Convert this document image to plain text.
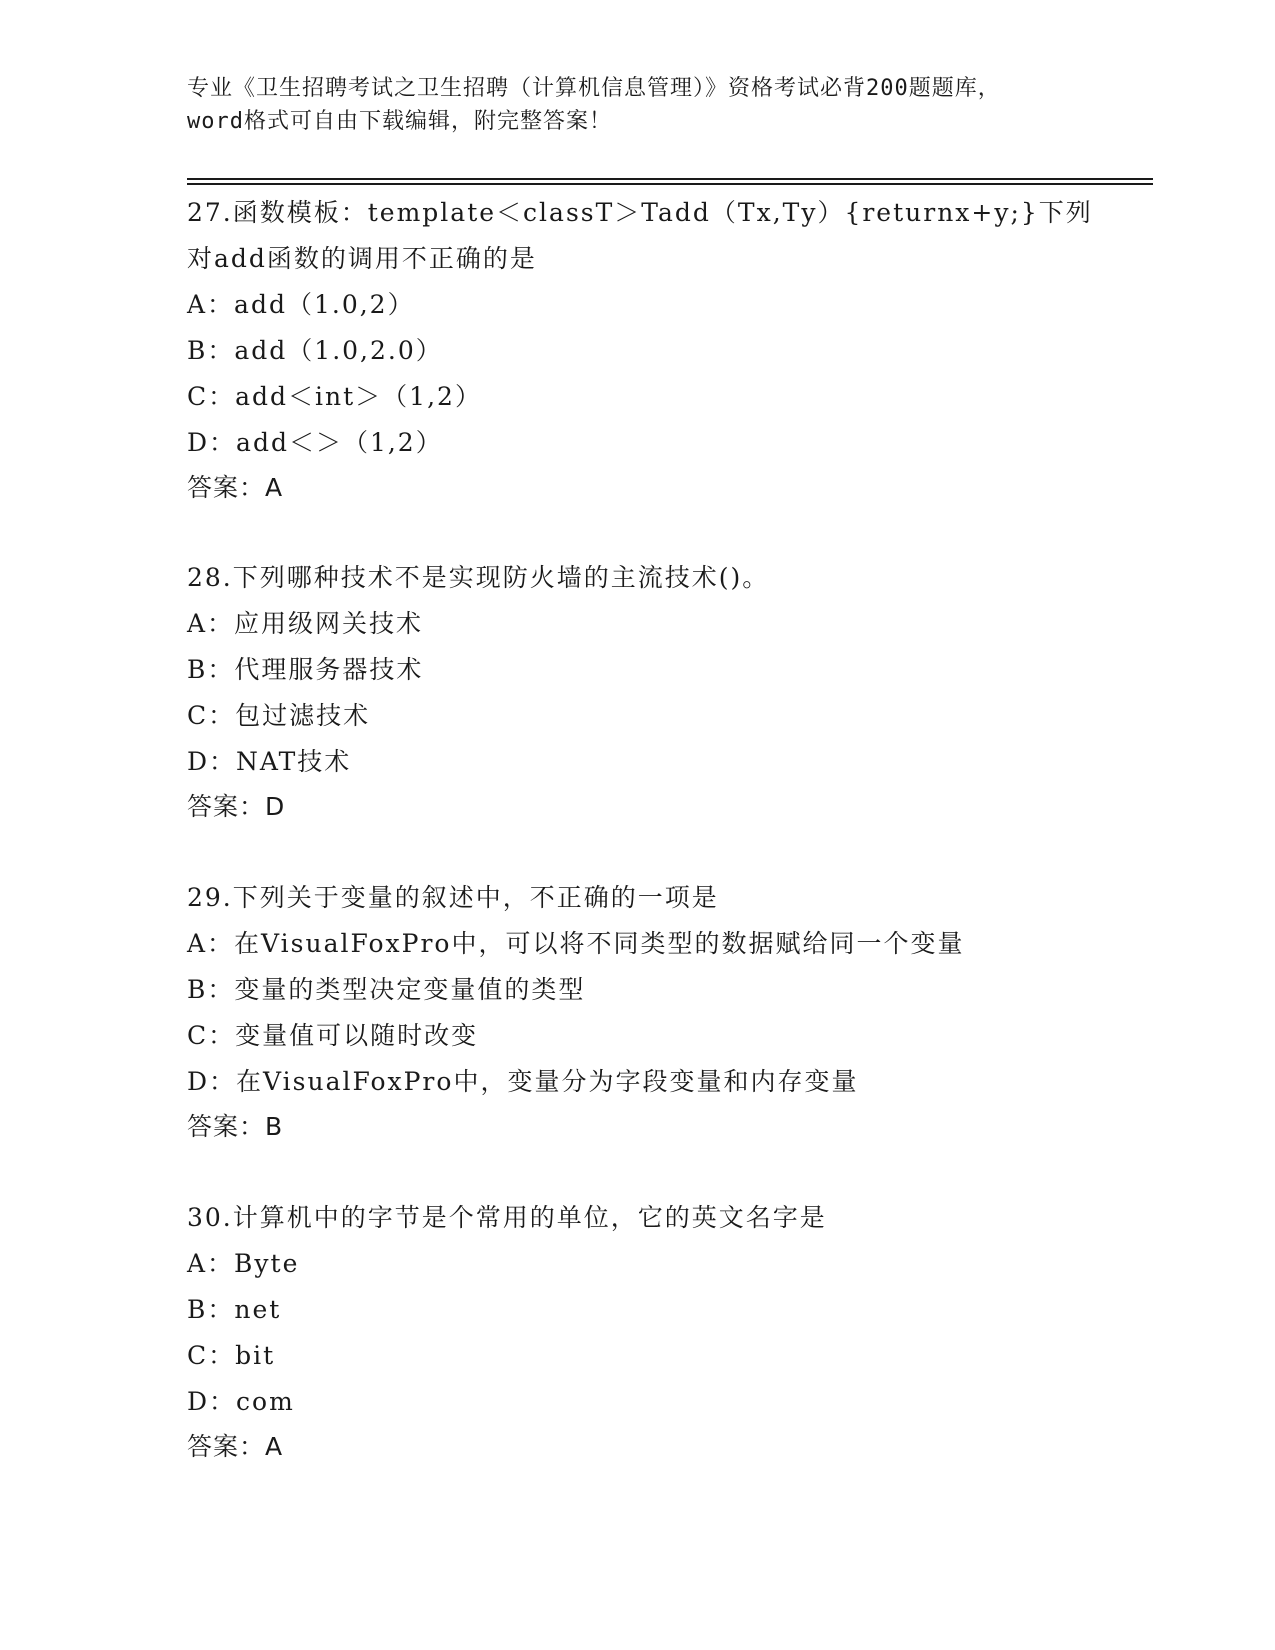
专业《卫生招聘考试之卫生招聘（计算机信息管理）》资格考试必背200题题库，
word格式可自由下载编辑，附完整答案！
27.函数模板：template＜classT＞Tadd（Tx,Ty）{returnx+y;}下列
对add函数的调用不正确的是
A：add（1.0,2）
B：add（1.0,2.0）
C：add＜int＞（1,2）
D：add＜＞（1,2）
答案：A
28.下列哪种技术不是实现防火墙的主流技术()。
A：应用级网关技术
B：代理服务器技术
C：包过滤技术
D：NAT技术
答案：D
29.下列关于变量的叙述中，不正确的一项是
A：在VisualFoxPro中，可以将不同类型的数据赋给同一个变量
B：变量的类型决定变量值的类型
C：变量值可以随时改变
D：在VisualFoxPro中，变量分为字段变量和内存变量
答案：B
30.计算机中的字节是个常用的单位，它的英文名字是
A：Byte
B：net
C：bit
D：com
答案：A
